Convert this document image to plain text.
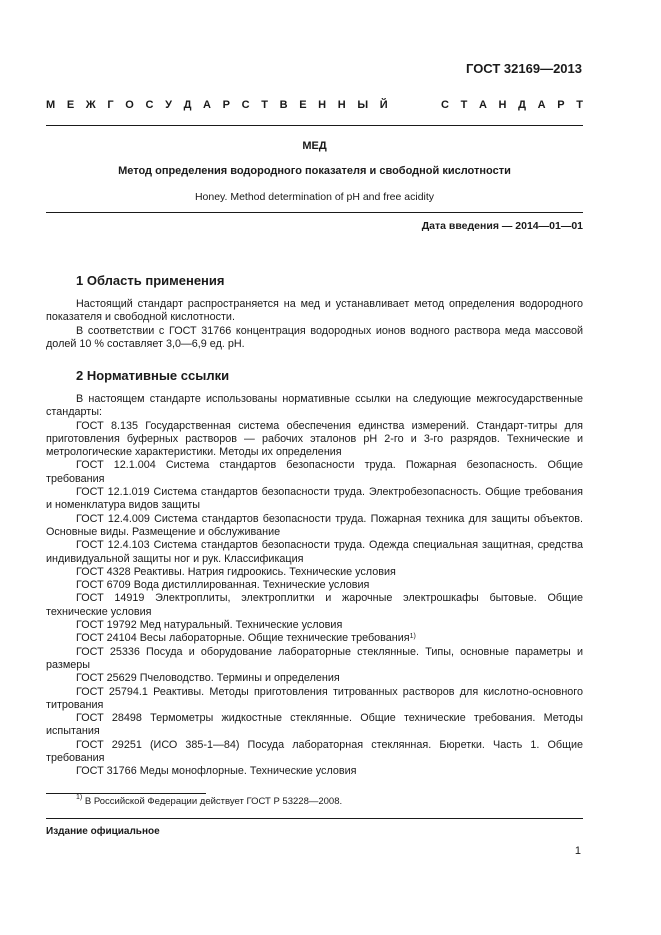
ГОСТ 32169—2013
М Е Ж Г О С У Д А Р С Т В Е Н Н Ы Й	С Т А Н Д А Р Т
МЕД
Метод определения водородного показателя и свободной кислотности
Honey. Method determination of pH and free acidity
Дата введения — 2014—01—01
1 Область применения

Настоящий стандарт распространяется на мед и устанавливает метод определения водородного показателя и свободной кислотности.

В соответствии с ГОСТ 31766 концентрация водородных ионов водного раствора меда массовой долей 10 % составляет 3,0—6,9 ед. рН.

2 Нормативные ссылки

В настоящем стандарте использованы нормативные ссылки на следующие межгосударственные стандарты:

ГОСТ 8.135 Государственная система обеспечения единства измерений. Стандарт-титры для приготовления буферных растворов — рабочих эталонов рН 2-го и 3-го разрядов. Технические и метрологические характеристики. Методы их определения

ГОСТ 12.1.004 Система стандартов безопасности труда. Пожарная безопасность. Общие требования

ГОСТ 12.1.019 Система стандартов безопасности труда. Электробезопасность. Общие требования и номенклатура видов защиты

ГОСТ 12.4.009 Система стандартов безопасности труда. Пожарная техника для защиты объектов. Основные виды. Размещение и обслуживание

ГОСТ 12.4.103 Система стандартов безопасности труда. Одежда специальная защитная, средства индивидуальной защиты ног и рук. Классификация

ГОСТ 4328 Реактивы. Натрия гидроокись. Технические условия

ГОСТ 6709 Вода дистиллированная. Технические условия

ГОСТ 14919 Электроплиты, электроплитки и жарочные электрошкафы бытовые. Общие технические условия

ГОСТ 19792 Мед натуральный. Технические условия

ГОСТ 24104 Весы лабораторные. Общие технические требования$^{1)}$

ГОСТ 25336 Посуда и оборудование лабораторные стеклянные. Типы, основные параметры и размеры

ГОСТ 25629 Пчеловодство. Термины и определения

ГОСТ 25794.1 Реактивы. Методы приготовления титрованных растворов для кислотно-основного титрования

ГОСТ 28498 Термометры жидкостные стеклянные. Общие технические требования. Методы испытания

ГОСТ 29251 (ИСО 385-1—84) Посуда лабораторная стеклянная. Бюретки. Часть 1. Общие требования

ГОСТ 31766 Меды монофлорные. Технические условия

$^{1)}$ В Российской Федерации действует ГОСТ Р 53228—2008.
Издание официальное
1
